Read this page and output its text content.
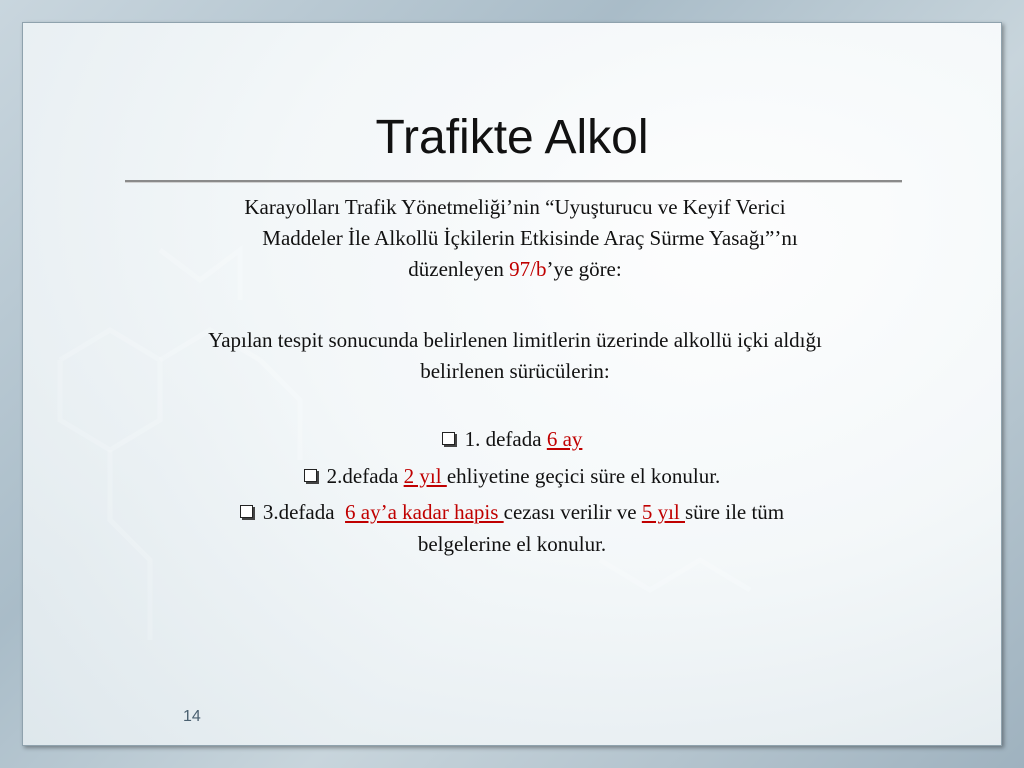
Trafikte Alkol
Karayolları Trafik Yönetmeliği’nin “Uyuşturucu ve Keyif Verici
Maddeler İle Alkollü İçkilerin Etkisinde Araç Sürme Yasağı”’nı
düzenleyen 97/b’ye göre:
Yapılan tespit sonucunda belirlenen limitlerin üzerinde alkollü içki aldığı
belirlenen sürücülerin:
1. defada 6 ay
2.defada 2 yıl ehliyetine geçici süre el konulur.
3.defada  6 ay’a kadar hapis cezası verilir ve 5 yıl süre ile tüm
belgelerine el konulur.
14
